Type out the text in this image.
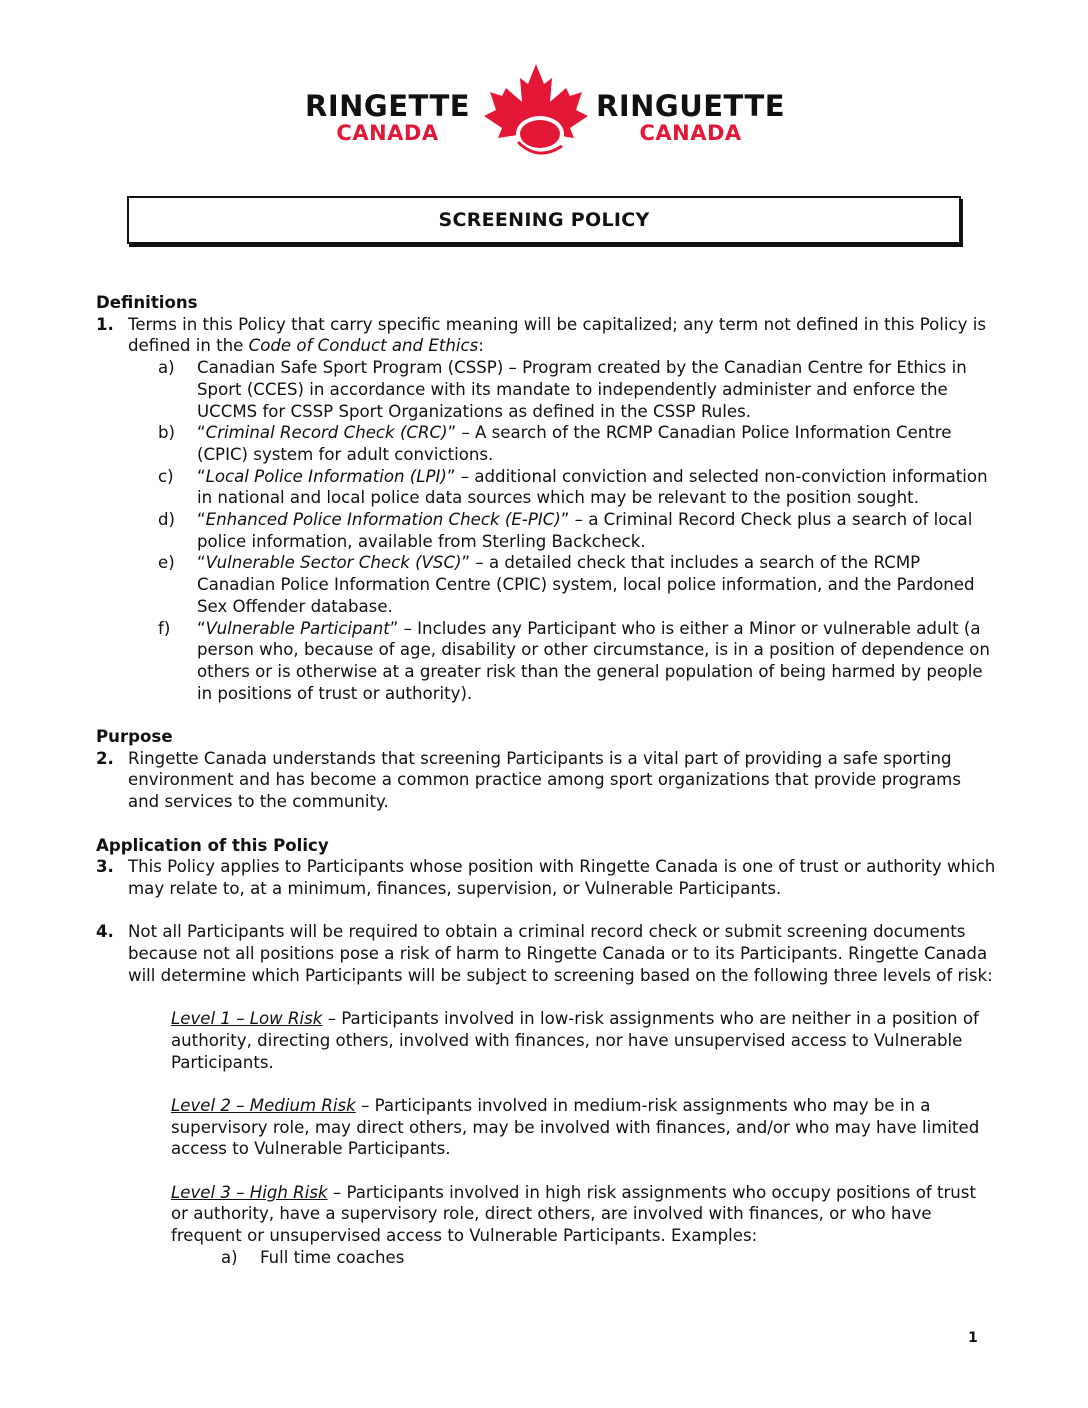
RINGETTE
CANADA
RINGUETTE
CANADA
SCREENING POLICY
Definitions
1. Terms in this Policy that carry specific meaning will be capitalized; any term not defined in this Policy is defined in the Code of Conduct and Ethics:
a)	Canadian Safe Sport Program (CSSP) – Program created by the Canadian Centre for Ethics in Sport (CCES) in accordance with its mandate to independently administer and enforce the UCCMS for CSSP Sport Organizations as defined in the CSSP Rules.
b)	“Criminal Record Check (CRC)” – A search of the RCMP Canadian Police Information Centre (CPIC) system for adult convictions.
c)	“Local Police Information (LPI)” – additional conviction and selected non-conviction information in national and local police data sources which may be relevant to the position sought.
d)	“Enhanced Police Information Check (E-PIC)” – a Criminal Record Check plus a search of local police information, available from Sterling Backcheck.
e)	“Vulnerable Sector Check (VSC)” – a detailed check that includes a search of the RCMP Canadian Police Information Centre (CPIC) system, local police information, and the Pardoned Sex Offender database.
f)	“Vulnerable Participant” – Includes any Participant who is either a Minor or vulnerable adult (a person who, because of age, disability or other circumstance, is in a position of dependence on others or is otherwise at a greater risk than the general population of being harmed by people in positions of trust or authority).
Purpose
2. Ringette Canada understands that screening Participants is a vital part of providing a safe sporting environment and has become a common practice among sport organizations that provide programs and services to the community.
Application of this Policy
3. This Policy applies to Participants whose position with Ringette Canada is one of trust or authority which may relate to, at a minimum, finances, supervision, or Vulnerable Participants.
4. Not all Participants will be required to obtain a criminal record check or submit screening documents because not all positions pose a risk of harm to Ringette Canada or to its Participants. Ringette Canada will determine which Participants will be subject to screening based on the following three levels of risk:
Level 1 – Low Risk – Participants involved in low-risk assignments who are neither in a position of authority, directing others, involved with finances, nor have unsupervised access to Vulnerable Participants.
Level 2 – Medium Risk – Participants involved in medium-risk assignments who may be in a supervisory role, may direct others, may be involved with finances, and/or who may have limited access to Vulnerable Participants.
Level 3 – High Risk – Participants involved in high risk assignments who occupy positions of trust or authority, have a supervisory role, direct others, are involved with finances, or who have frequent or unsupervised access to Vulnerable Participants. Examples:
a)	Full time coaches
1
